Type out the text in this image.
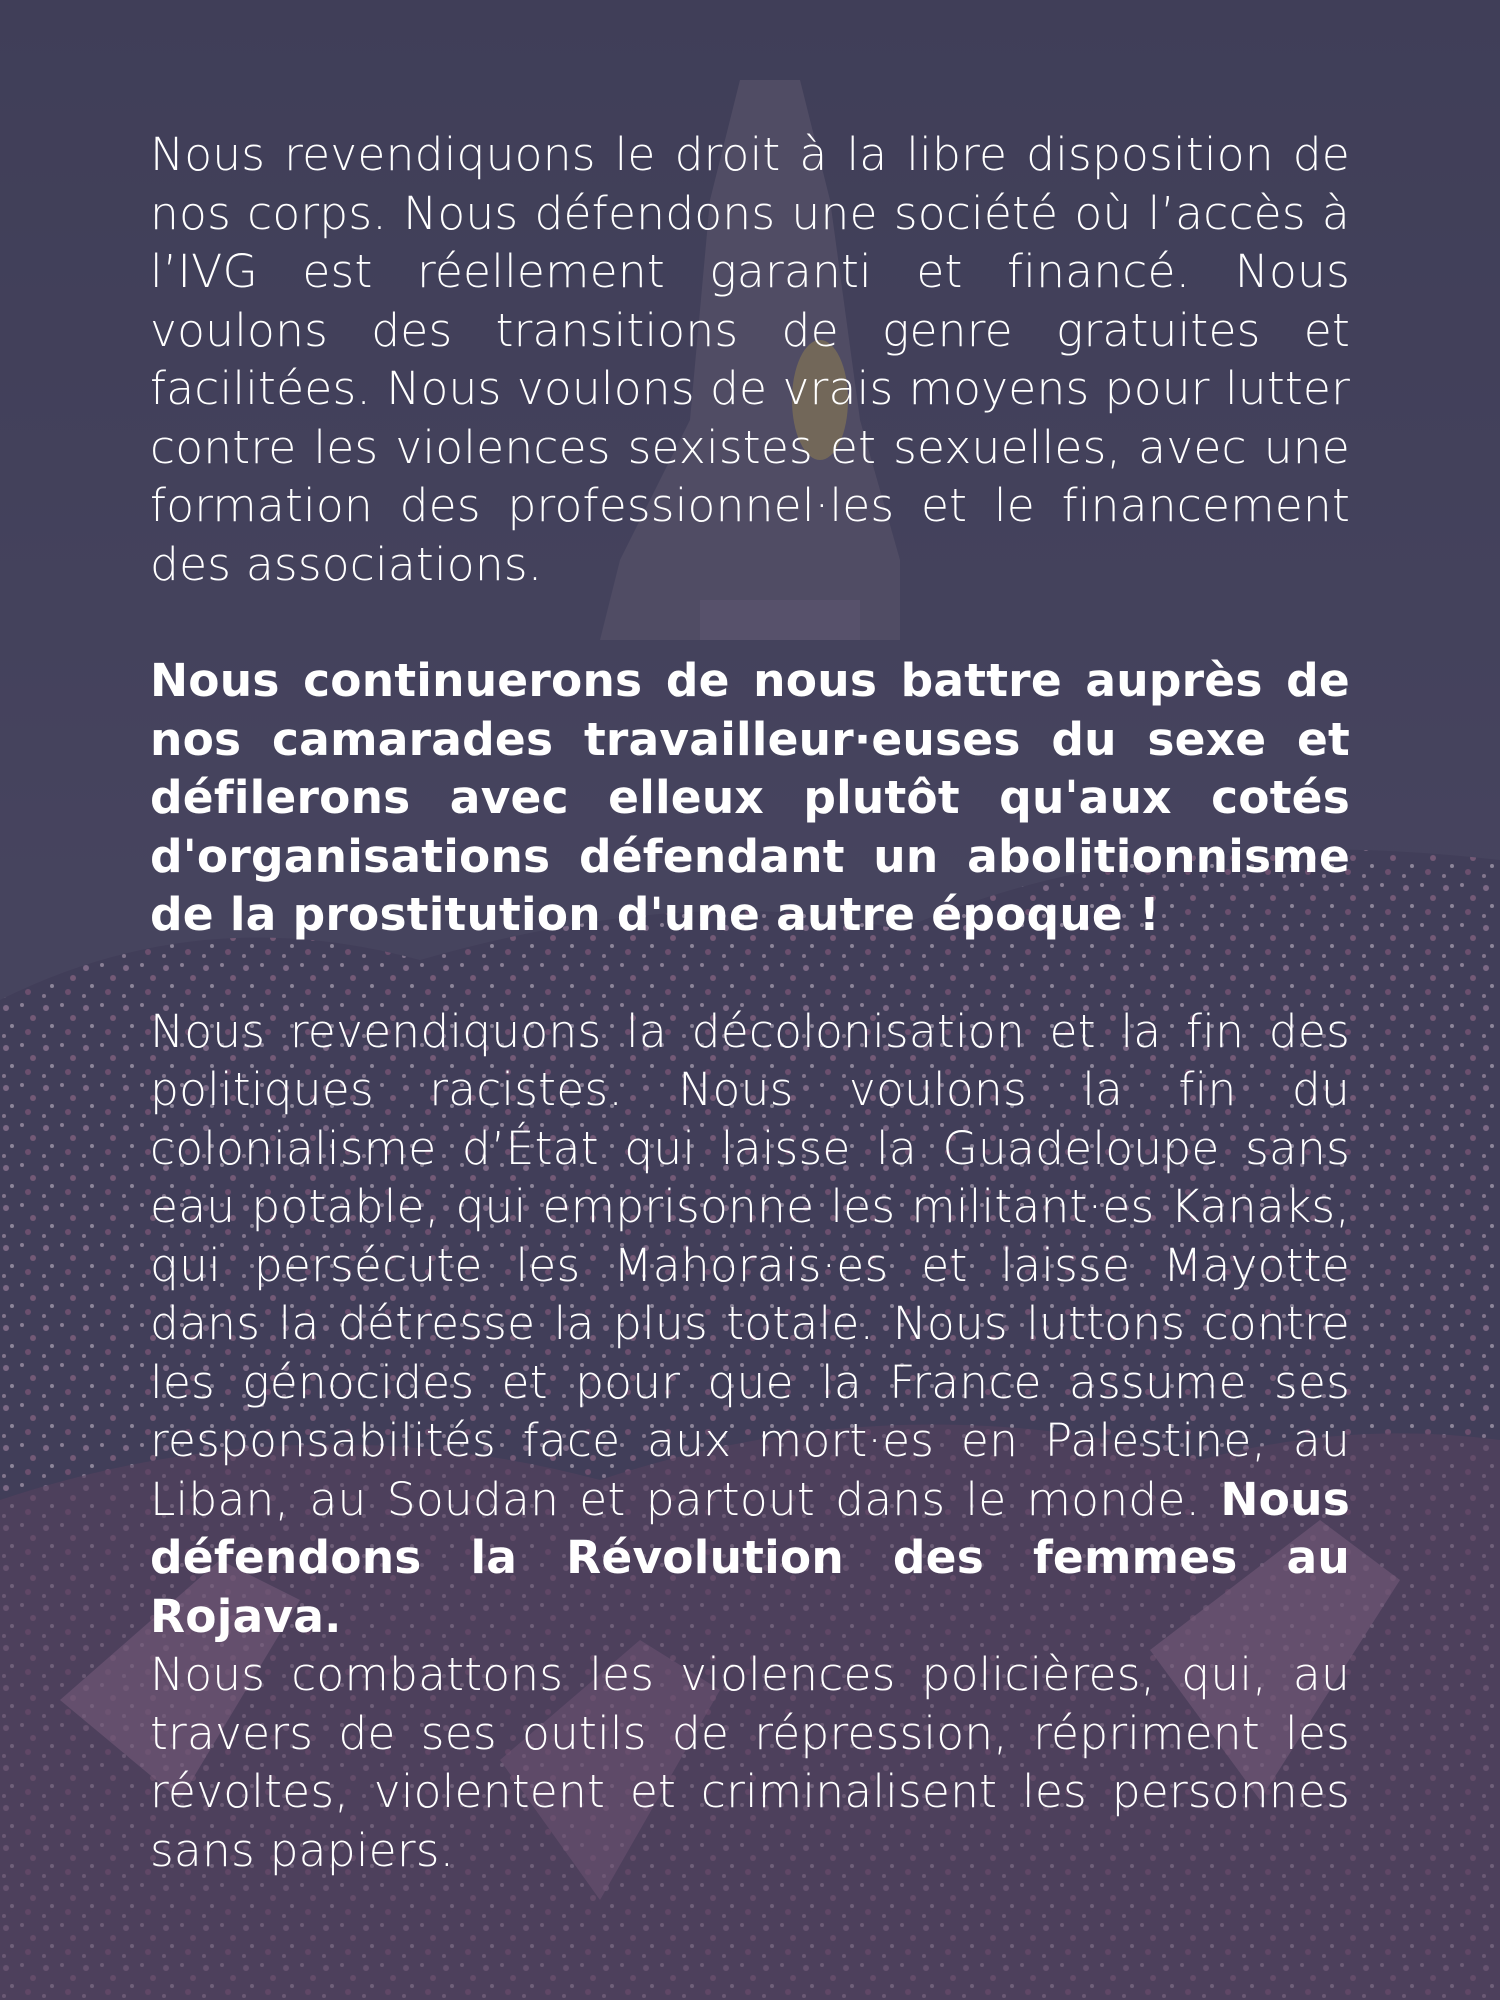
Nous revendiquons le droit à la libre disposition de nos corps. Nous défendons une société où l’accès à l’IVG est réellement garanti et financé. Nous voulons des transitions de genre gratuites et facilitées. Nous voulons de vrais moyens pour lutter contre les violences sexistes et sexuelles, avec une formation des professionnel·les et le financement des associations.

Nous continuerons de nous battre auprès de nos camarades travailleur·euses du sexe et défilerons avec elleux plutôt qu'aux cotés d'organisations défendant un abolitionnisme de la prostitution d'une autre époque !

Nous revendiquons la décolonisation et la fin des politiques racistes. Nous voulons la fin du colonialisme d’État qui laisse la Guadeloupe sans eau potable, qui emprisonne les militant·es Kanaks, qui persécute les Mahorais·es et laisse Mayotte dans la détresse la plus totale. Nous luttons contre les génocides et pour que la France assume ses responsabilités face aux mort·es en Palestine, au Liban, au Soudan et partout dans le monde. Nous défendons la Révolution des femmes au Rojava.

Nous combattons les violences policières, qui, au travers de ses outils de répression, répriment les révoltes, violentent et criminalisent les personnes sans papiers.
